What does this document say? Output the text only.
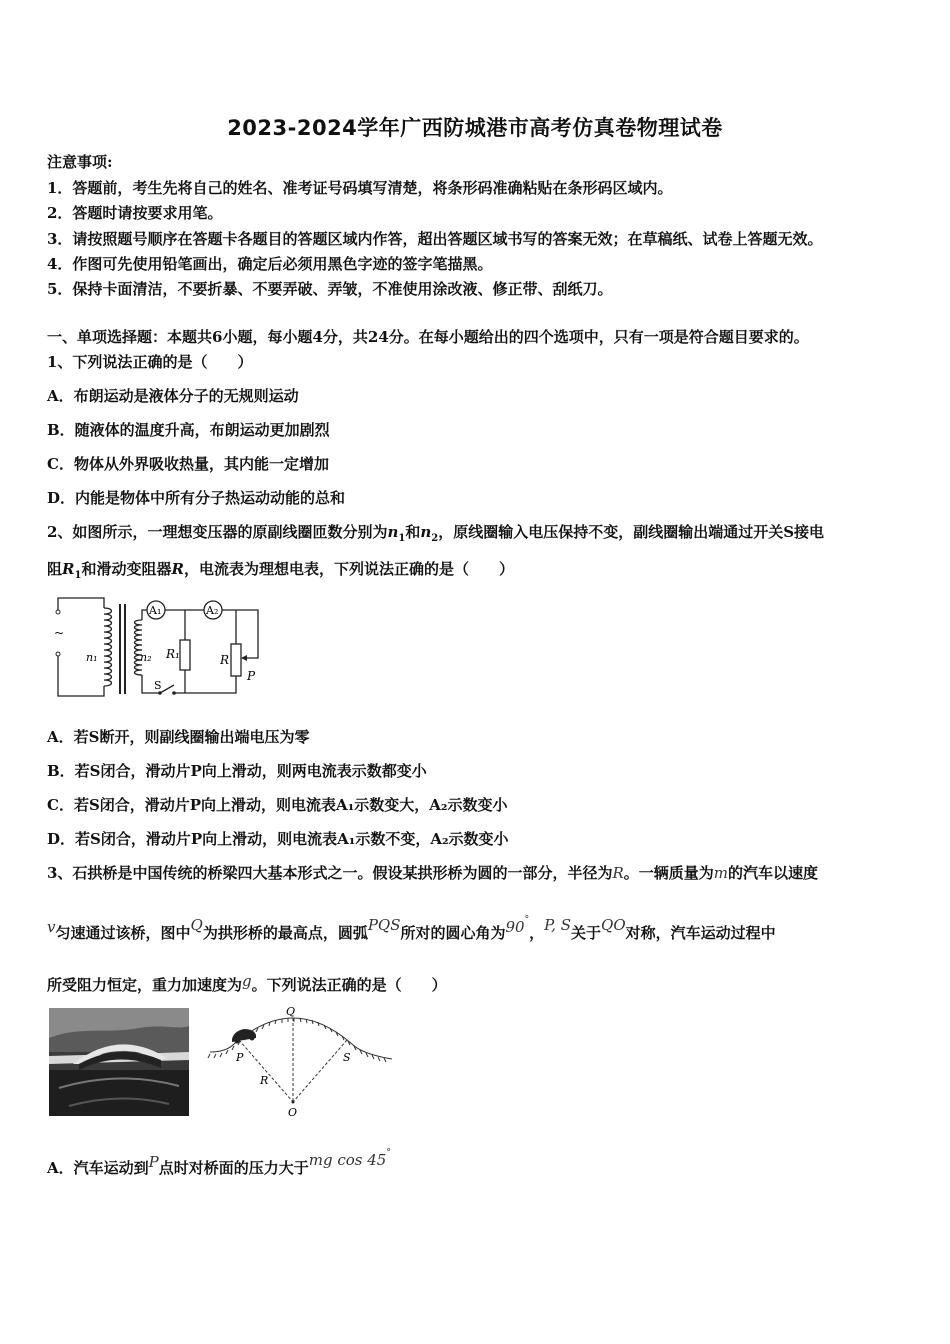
2023-2024学年广西防城港市高考仿真卷物理试卷
注意事项:
1．答题前，考生先将自己的姓名、准考证号码填写清楚，将条形码准确粘贴在条形码区域内。
2．答题时请按要求用笔。
3．请按照题号顺序在答题卡各题目的答题区域内作答，超出答题区域书写的答案无效；在草稿纸、试卷上答题无效。
4．作图可先使用铅笔画出，确定后必须用黑色字迹的签字笔描黑。
5．保持卡面清洁，不要折暴、不要弄破、弄皱，不准使用涂改液、修正带、刮纸刀。
一、单项选择题：本题共6小题，每小题4分，共24分。在每小题给出的四个选项中，只有一项是符合题目要求的。
1、下列说法正确的是（　　）
A．布朗运动是液体分子的无规则运动
B．随液体的温度升高，布朗运动更加剧烈
C．物体从外界吸收热量，其内能一定增加
D．内能是物体中所有分子热运动动能的总和
2、如图所示，一理想变压器的原副线圈匝数分别为$n_1$和$n_2$，原线圈输入电压保持不变，副线圈输出端通过开关S接电
阻$R_1$和滑动变阻器R，电流表为理想电表，下列说法正确的是（　　）
~
n₁	n₂
A₁	A₂
R₁	R
P
S
A．若S断开，则副线圈输出端电压为零
B．若S闭合，滑动片P向上滑动，则两电流表示数都变小
C．若S闭合，滑动片P向上滑动，则电流表A₁示数变大，A₂示数变小
D．若S闭合，滑动片P向上滑动，则电流表A₁示数不变，A₂示数变小
3、石拱桥是中国传统的桥梁四大基本形式之一。假设某拱形桥为圆的一部分，半径为R。一辆质量为m的汽车以速度
v匀速通过该桥，图中Q为拱形桥的最高点，圆弧PQS所对的圆心角为90°，P, S关于QO对称，汽车运动过程中
所受阻力恒定，重力加速度为g。下列说法正确的是（　　）
Q
P	S
R
O
A．汽车运动到P点时对桥面的压力大于mg cos 45°
